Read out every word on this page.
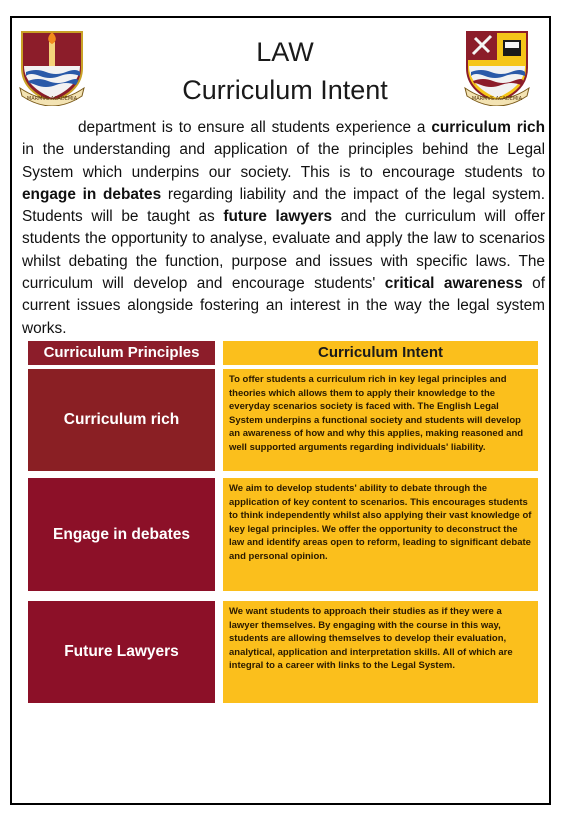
MARMVS ACADEMIA	MARMVS ACADEMIA
LAW
Curriculum Intent

department is to ensure all students experience a curriculum rich in the understanding and application of the principles behind the Legal System which underpins our society. This is to encourage students to engage in debates regarding liability and the impact of the legal system. Students will be taught as future lawyers and the curriculum will offer students the opportunity to analyse, evaluate and apply the law to scenarios whilst debating the function, purpose and issues with specific laws. The curriculum will develop and encourage students' critical awareness of current issues alongside fostering an interest in the way the legal system works.

Curriculum Principles	Curriculum Intent
Curriculum rich
To offer students a curriculum rich in key legal principles and theories which allows them to apply their knowledge to the everyday scenarios society is faced with. The English Legal System underpins a functional society and students will develop an awareness of how and why this applies, making reasoned and well supported arguments regarding individuals' liability.
Engage in debates
We aim to develop students' ability to debate through the application of key content to scenarios. This encourages students to think independently whilst also applying their vast knowledge of key legal principles. We offer the opportunity to deconstruct the law and identify areas open to reform, leading to significant debate and personal opinion.
Future Lawyers
We want students to approach their studies as if they were a lawyer themselves. By engaging with the course in this way, students are allowing themselves to develop their evaluation, analytical, application and interpretation skills. All of which are integral to a career with links to the Legal System.
